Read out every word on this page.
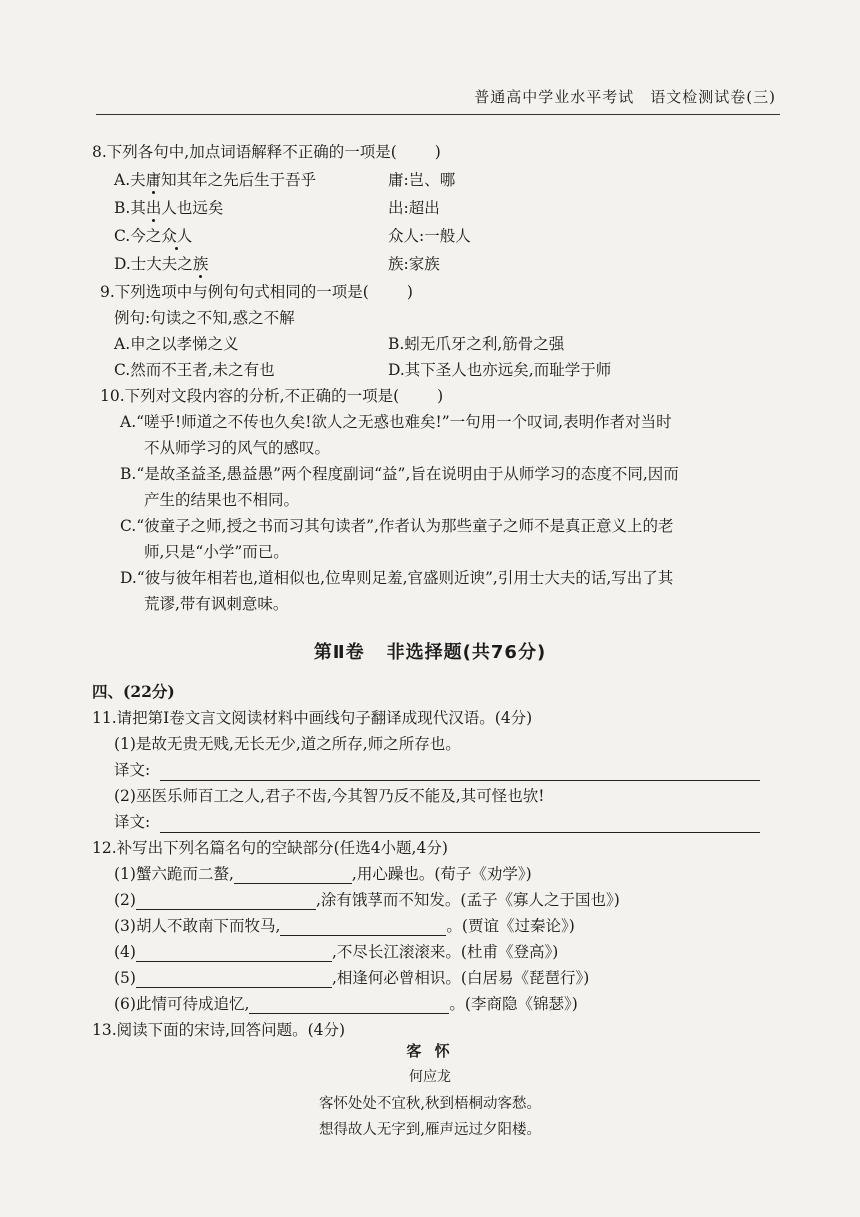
普通高中学业水平考试　语文检测试卷(三)
8.下列各句中,加点词语解释不正确的一项是( )
A.夫庸知其年之先后生于吾乎	庸:岂、哪
B.其出人也远矣	出:超出
C.今之众人	众人:一般人
D.士大夫之族	族:家族
9.下列选项中与例句句式相同的一项是( )
例句:句读之不知,惑之不解
A.申之以孝悌之义	B.蚓无爪牙之利,筋骨之强
C.然而不王者,未之有也	D.其下圣人也亦远矣,而耻学于师
10.下列对文段内容的分析,不正确的一项是( )
A.“嗟乎!师道之不传也久矣!欲人之无惑也难矣!”一句用一个叹词,表明作者对当时
不从师学习的风气的感叹。
B.“是故圣益圣,愚益愚”两个程度副词“益”,旨在说明由于从师学习的态度不同,因而
产生的结果也不相同。
C.“彼童子之师,授之书而习其句读者”,作者认为那些童子之师不是真正意义上的老
师,只是“小学”而已。
D.“彼与彼年相若也,道相似也,位卑则足羞,官盛则近谀”,引用士大夫的话,写出了其
荒谬,带有讽刺意味。
第Ⅱ卷 非选择题(共76分)
四、(22分)
11.请把第Ⅰ卷文言文阅读材料中画线句子翻译成现代汉语。(4分)
(1)是故无贵无贱,无长无少,道之所存,师之所存也。
译文:
(2)巫医乐师百工之人,君子不齿,今其智乃反不能及,其可怪也欤!
译文:
12.补写出下列名篇名句的空缺部分(任选4小题,4分)
(1)蟹六跪而二螯,	,用心躁也。(荀子《劝学》)
(2)	,涂有饿莩而不知发。(孟子《寡人之于国也》)
(3)胡人不敢南下而牧马,	。(贾谊《过秦论》)
(4)	,不尽长江滚滚来。(杜甫《登高》)
(5)	,相逢何必曾相识。(白居易《琵琶行》)
(6)此情可待成追忆,	。(李商隐《锦瑟》)
13.阅读下面的宋诗,回答问题。(4分)
客 怀
何应龙
客怀处处不宜秋,秋到梧桐动客愁。
想得故人无字到,雁声远过夕阳楼。
